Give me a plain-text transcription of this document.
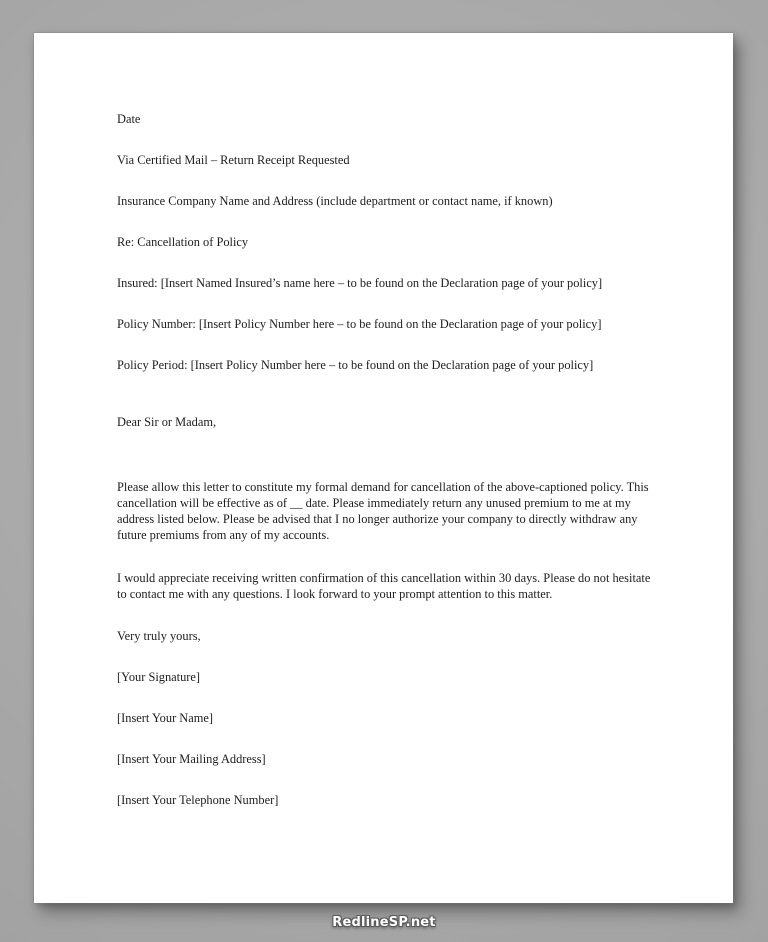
Date

Via Certified Mail – Return Receipt Requested

Insurance Company Name and Address (include department or contact name, if known)

Re: Cancellation of Policy

Insured: [Insert Named Insured’s name here – to be found on the Declaration page of your policy]

Policy Number: [Insert Policy Number here – to be found on the Declaration page of your policy]

Policy Period: [Insert Policy Number here – to be found on the Declaration page of your policy]

Dear Sir or Madam,

Please allow this letter to constitute my formal demand for cancellation of the above-captioned policy. This cancellation will be effective as of __ date. Please immediately return any unused premium to me at my address listed below. Please be advised that I no longer authorize your company to directly withdraw any future premiums from any of my accounts.

I would appreciate receiving written confirmation of this cancellation within 30 days. Please do not hesitate to contact me with any questions. I look forward to your prompt attention to this matter.

Very truly yours,

[Your Signature]

[Insert Your Name]

[Insert Your Mailing Address]

[Insert Your Telephone Number]

RedlineSP.net
